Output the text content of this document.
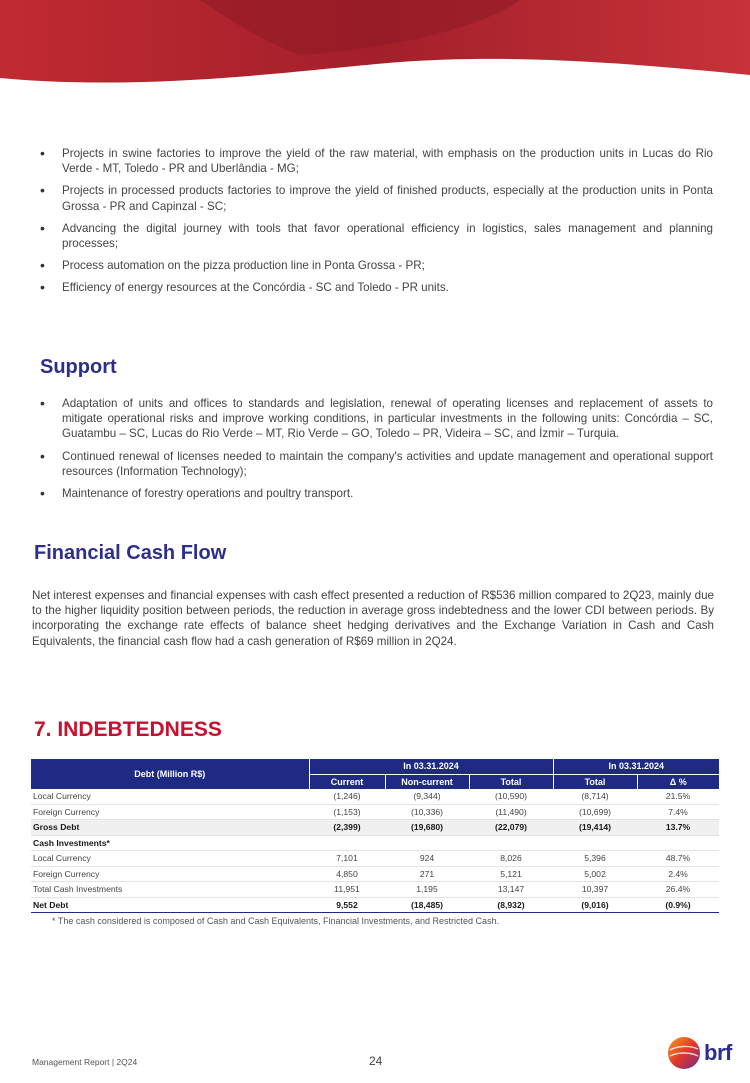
• Projects in swine factories to improve the yield of the raw material, with emphasis on the production units in Lucas do Rio Verde - MT, Toledo - PR and Uberlândia - MG;
• Projects in processed products factories to improve the yield of finished products, especially at the production units in Ponta Grossa - PR and Capinzal - SC;
• Advancing the digital journey with tools that favor operational efficiency in logistics, sales management and planning processes;
• Process automation on the pizza production line in Ponta Grossa - PR;
• Efficiency of energy resources at the Concórdia - SC and Toledo - PR units.
Support
• Adaptation of units and offices to standards and legislation, renewal of operating licenses and replacement of assets to mitigate operational risks and improve working conditions, in particular investments in the following units: Concórdia – SC, Guatambu – SC, Lucas do Rio Verde – MT, Rio Verde – GO, Toledo – PR, Videira – SC, and İzmir – Turquia.
• Continued renewal of licenses needed to maintain the company's activities and update management and operational support resources (Information Technology);
• Maintenance of forestry operations and poultry transport.
Financial Cash Flow

Net interest expenses and financial expenses with cash effect presented a reduction of R$536 million compared to 2Q23, mainly due to the higher liquidity position between periods, the reduction in average gross indebtedness and the lower CDI between periods. By incorporating the exchange rate effects of balance sheet hedging derivatives and the Exchange Variation in Cash and Cash Equivalents, the financial cash flow had a cash generation of R$69 million in 2Q24.

7. INDEBTEDNESS
Debt (Million R$)	In 03.31.2024			In 03.31.2024	
	Current	Non-current	Total	Total	Δ %
Local Currency	(1,246)	(9,344)	(10,590)	(8,714)	21.5%
Foreign Currency	(1,153)	(10,336)	(11,490)	(10,699)	7.4%
Gross Debt	(2,399)	(19,680)	(22,079)	(19,414)	13.7%
Cash Investments*					
Local Currency	7,101	924	8,026	5,396	48.7%
Foreign Currency	4,850	271	5,121	5,002	2.4%
Total Cash Investments	11,951	1,195	13,147	10,397	26.4%
Net Debt	9,552	(18,485)	(8,932)	(9,016)	(0.9%)

* The cash considered is composed of Cash and Cash Equivalents, Financial Investments, and Restricted Cash.

Management Report | 2Q24	24	brf
